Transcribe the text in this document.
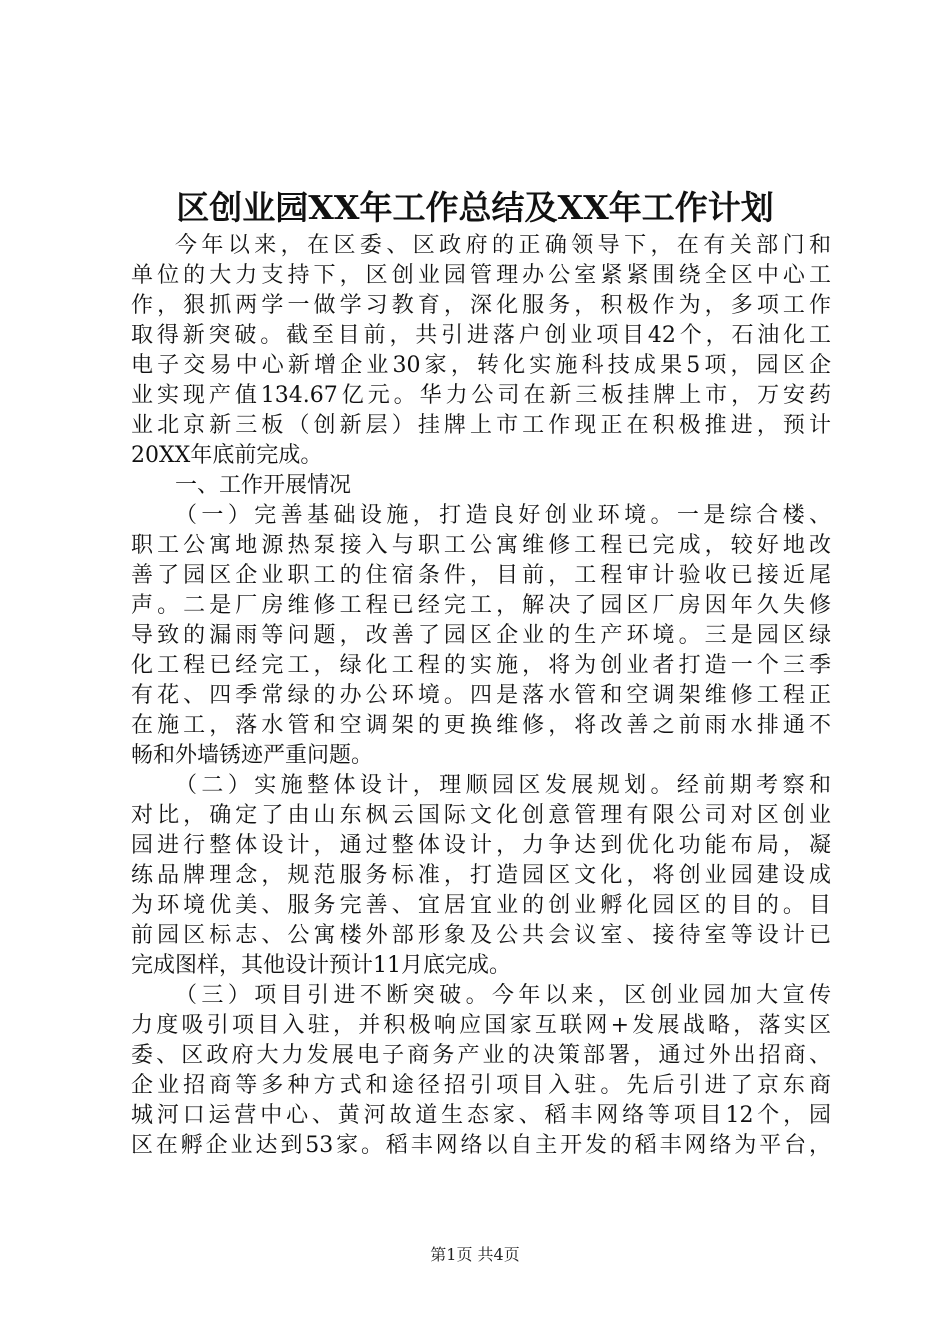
区创业园XX年工作总结及XX年工作计划
今年以来，在区委、区政府的正确领导下，在有关部门和
单位的大力支持下，区创业园管理办公室紧紧围绕全区中心工
作，狠抓两学一做学习教育，深化服务，积极作为，多项工作
取得新突破。截至目前，共引进落户创业项目42个，石油化工
电子交易中心新增企业30家，转化实施科技成果5项，园区企
业实现产值134.67亿元。华力公司在新三板挂牌上市，万安药
业北京新三板（创新层）挂牌上市工作现正在积极推进，预计
20XX年底前完成。
一、工作开展情况
（一）完善基础设施，打造良好创业环境。一是综合楼、
职工公寓地源热泵接入与职工公寓维修工程已完成，较好地改
善了园区企业职工的住宿条件，目前，工程审计验收已接近尾
声。二是厂房维修工程已经完工，解决了园区厂房因年久失修
导致的漏雨等问题，改善了园区企业的生产环境。三是园区绿
化工程已经完工，绿化工程的实施，将为创业者打造一个三季
有花、四季常绿的办公环境。四是落水管和空调架维修工程正
在施工，落水管和空调架的更换维修，将改善之前雨水排通不
畅和外墙锈迹严重问题。
（二）实施整体设计，理顺园区发展规划。经前期考察和
对比，确定了由山东枫云国际文化创意管理有限公司对区创业
园进行整体设计，通过整体设计，力争达到优化功能布局，凝
练品牌理念，规范服务标准，打造园区文化，将创业园建设成
为环境优美、服务完善、宜居宜业的创业孵化园区的目的。目
前园区标志、公寓楼外部形象及公共会议室、接待室等设计已
完成图样，其他设计预计11月底完成。
（三）项目引进不断突破。今年以来，区创业园加大宣传
力度吸引项目入驻，并积极响应国家互联网+发展战略，落实区
委、区政府大力发展电子商务产业的决策部署，通过外出招商、
企业招商等多种方式和途径招引项目入驻。先后引进了京东商
城河口运营中心、黄河故道生态家、稻丰网络等项目12个，园
区在孵企业达到53家。稻丰网络以自主开发的稻丰网络为平台，
第1页 共4页
